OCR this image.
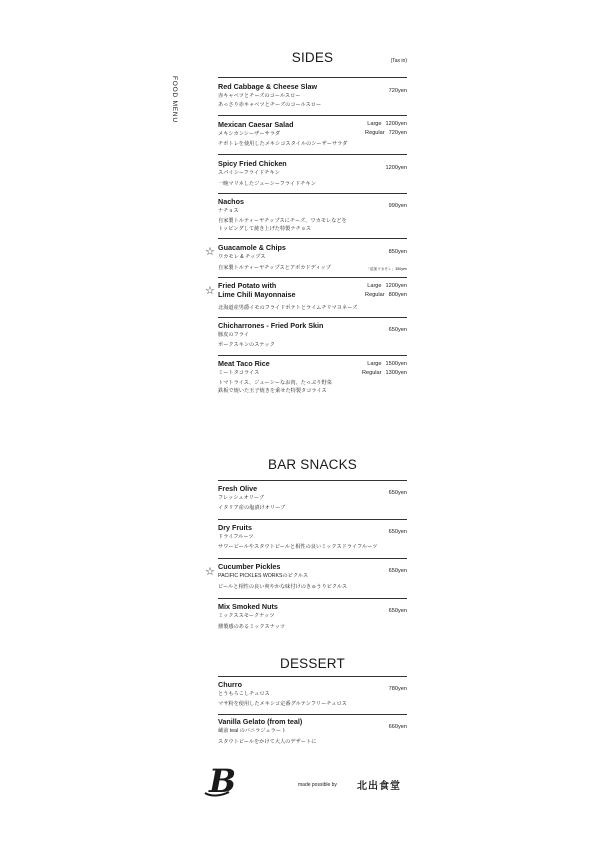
FOOD MENU
SIDES	(Tax in)
Red Cabbage & Cheese Slaw
赤キャベツとチーズのコールスロー
720yen
あっさり赤キャベツとチーズのコールスロー
Mexican Caesar Salad
メキシカンシーザーサラダ
Large 1200yen
Regular 720yen
チポトレを使用したメキシコスタイルのシーザーサラダ
Spicy Fried Chicken
スパイシーフライドチキン
1200yen
一晩マリネしたジューシーフライドチキン
Nachos
ナチョス
990yen
自家製トルティーヤチップスにチーズ、ワカモレなどを
トッピングして焼き上げた特製ナチョス
☆ Guacamole & Chips
ワカモレ & チップス
850yen
自家製トルティーヤチップスとアボカドディップ	「追加ワカモレ」350yen
☆ Fried Potato with
Lime Chili Mayonnaise
Large 1200yen
Regular 800yen
北海道産男爵イモのフライドポテトとライムチリマヨネーズ
Chicharrones - Fried Pork Skin
豚皮のフライ
650yen
ポークスキンのスナック
Meat Taco Rice
ミートタコライス
Large 1500yen
Regular 1300yen
トマトライス、ジューシーなお肉、たっぷり野菜
鉄板で焼いた玉子焼きを乗せた特製タコライス
BAR SNACKS
Fresh Olive
フレッシュオリーブ
650yen
イタリア産の塩漬けオリーブ
Dry Fruits
ドライフルーツ
650yen
サワービールやスタウトビールと相性の良いミックスドライフルーツ
☆ Cucumber Pickles
PACIFIC PICKLES WORKSのピクルス
650yen
ビールと相性の良い爽やかな味付けのきゅうりピクルス
Mix Smoked Nuts
ミックススモークナッツ
650yen
燻製感のあるミックスナッツ
DESSERT
Churro
とうもろこしチュロス
780yen
マサ粉を使用したメキシコ定番グルテンフリーチュロス
Vanilla Gelato (from teal)
蔵前 teal のバニラジェラート
660yen
スタウトビールをかけて大人のデザートに
B	made possible by 北出食堂
